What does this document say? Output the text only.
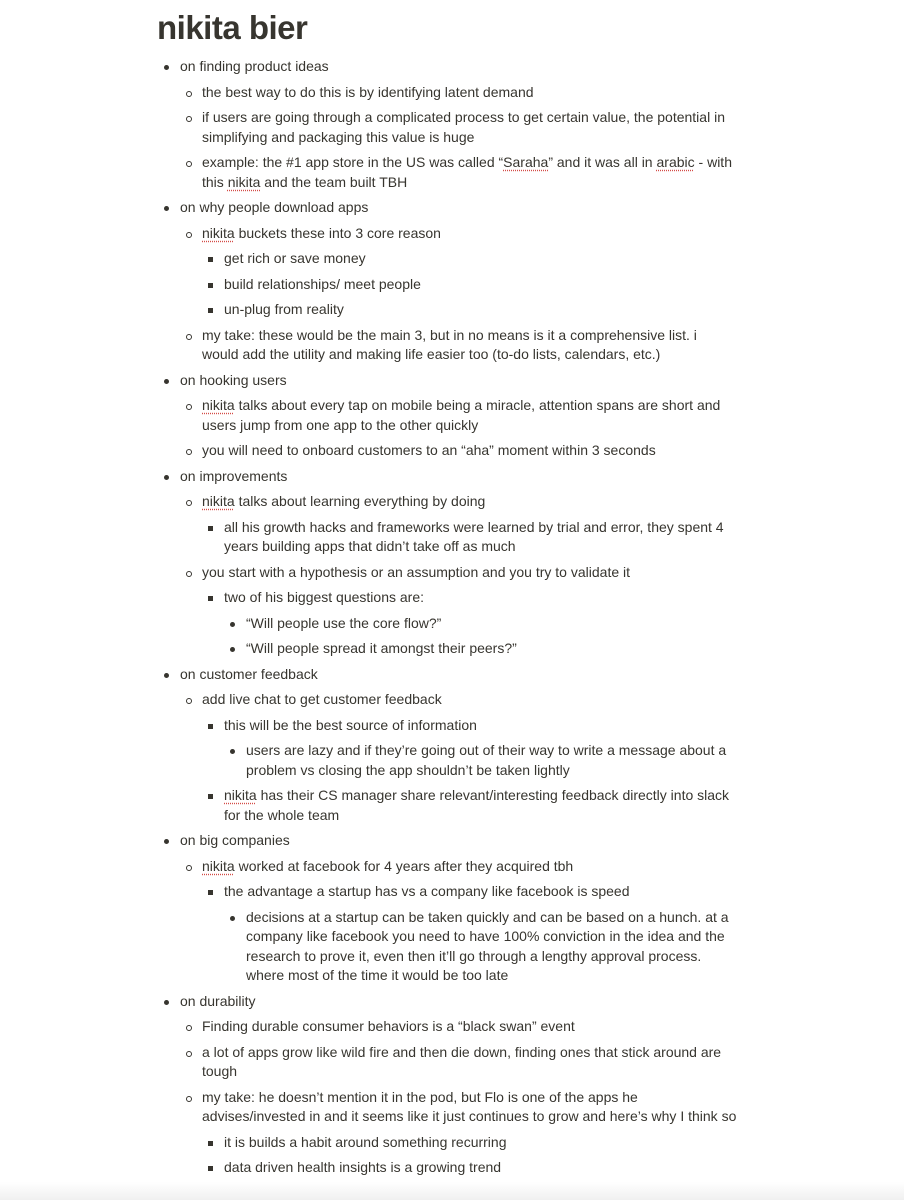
nikita bier
on finding product ideas
the best way to do this is by identifying latent demand
if users are going through a complicated process to get certain value, the potential in simplifying and packaging this value is huge
example: the #1 app store in the US was called “Saraha” and it was all in arabic - with this nikita and the team built TBH
on why people download apps
nikita buckets these into 3 core reason
get rich or save money
build relationships/ meet people
un-plug from reality
my take: these would be the main 3, but in no means is it a comprehensive list. i would add the utility and making life easier too (to-do lists, calendars, etc.)
on hooking users
nikita talks about every tap on mobile being a miracle, attention spans are short and users jump from one app to the other quickly
you will need to onboard customers to an “aha” moment within 3 seconds
on improvements
nikita talks about learning everything by doing
all his growth hacks and frameworks were learned by trial and error, they spent 4 years building apps that didn’t take off as much
you start with a hypothesis or an assumption and you try to validate it
two of his biggest questions are:
“Will people use the core flow?”
“Will people spread it amongst their peers?”
on customer feedback
add live chat to get customer feedback
this will be the best source of information
users are lazy and if they’re going out of their way to write a message about a problem vs closing the app shouldn’t be taken lightly
nikita has their CS manager share relevant/interesting feedback directly into slack for the whole team
on big companies
nikita worked at facebook for 4 years after they acquired tbh
the advantage a startup has vs a company like facebook is speed
decisions at a startup can be taken quickly and can be based on a hunch. at a company like facebook you need to have 100% conviction in the idea and the research to prove it, even then it’ll go through a lengthy approval process. where most of the time it would be too late
on durability
Finding durable consumer behaviors is a “black swan” event
a lot of apps grow like wild fire and then die down, finding ones that stick around are tough
my take: he doesn’t mention it in the pod, but Flo is one of the apps he advises/invested in and it seems like it just continues to grow and here’s why I think so
it is builds a habit around something recurring
data driven health insights is a growing trend
